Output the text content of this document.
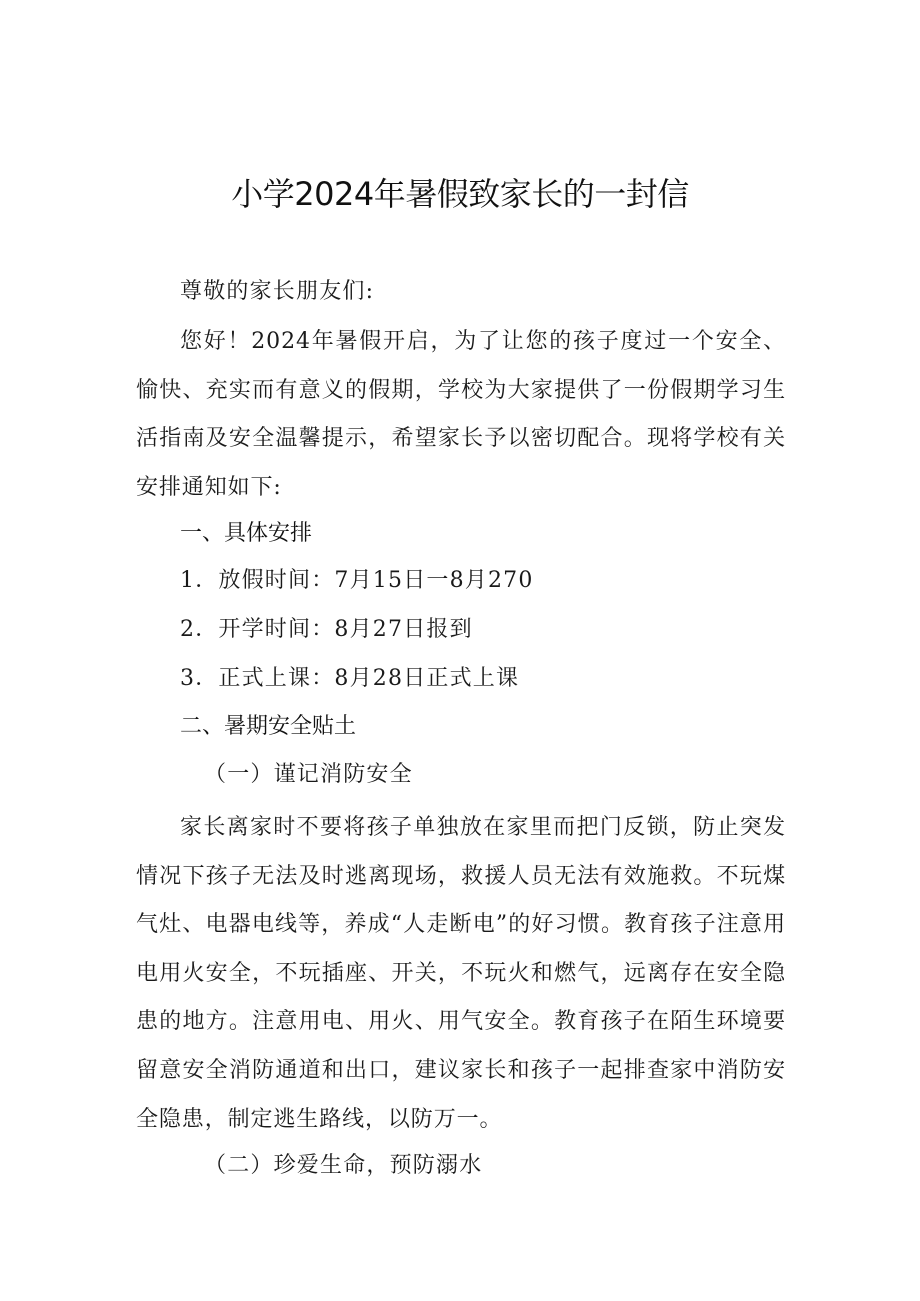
小学2024年暑假致家长的一封信
尊敬的家长朋友们:
您好！2024年暑假开启，为了让您的孩子度过一个安全、愉快、充实而有意义的假期，学校为大家提供了一份假期学习生活指南及安全温馨提示，希望家长予以密切配合。现将学校有关安排通知如下:
一、具体安排
1．放假时间：7月15日一8月270
2．开学时间：8月27日报到
3．正式上课：8月28日正式上课
二、暑期安全贴土
（一）谨记消防安全
家长离家时不要将孩子单独放在家里而把门反锁，防止突发情况下孩子无法及时逃离现场，救援人员无法有效施救。不玩煤气灶、电器电线等，养成“人走断电”的好习惯。教育孩子注意用电用火安全，不玩插座、开关，不玩火和燃气，远离存在安全隐患的地方。注意用电、用火、用气安全。教育孩子在陌生环境要留意安全消防通道和出口，建议家长和孩子一起排查家中消防安全隐患，制定逃生路线，以防万一。
（二）珍爱生命，预防溺水
